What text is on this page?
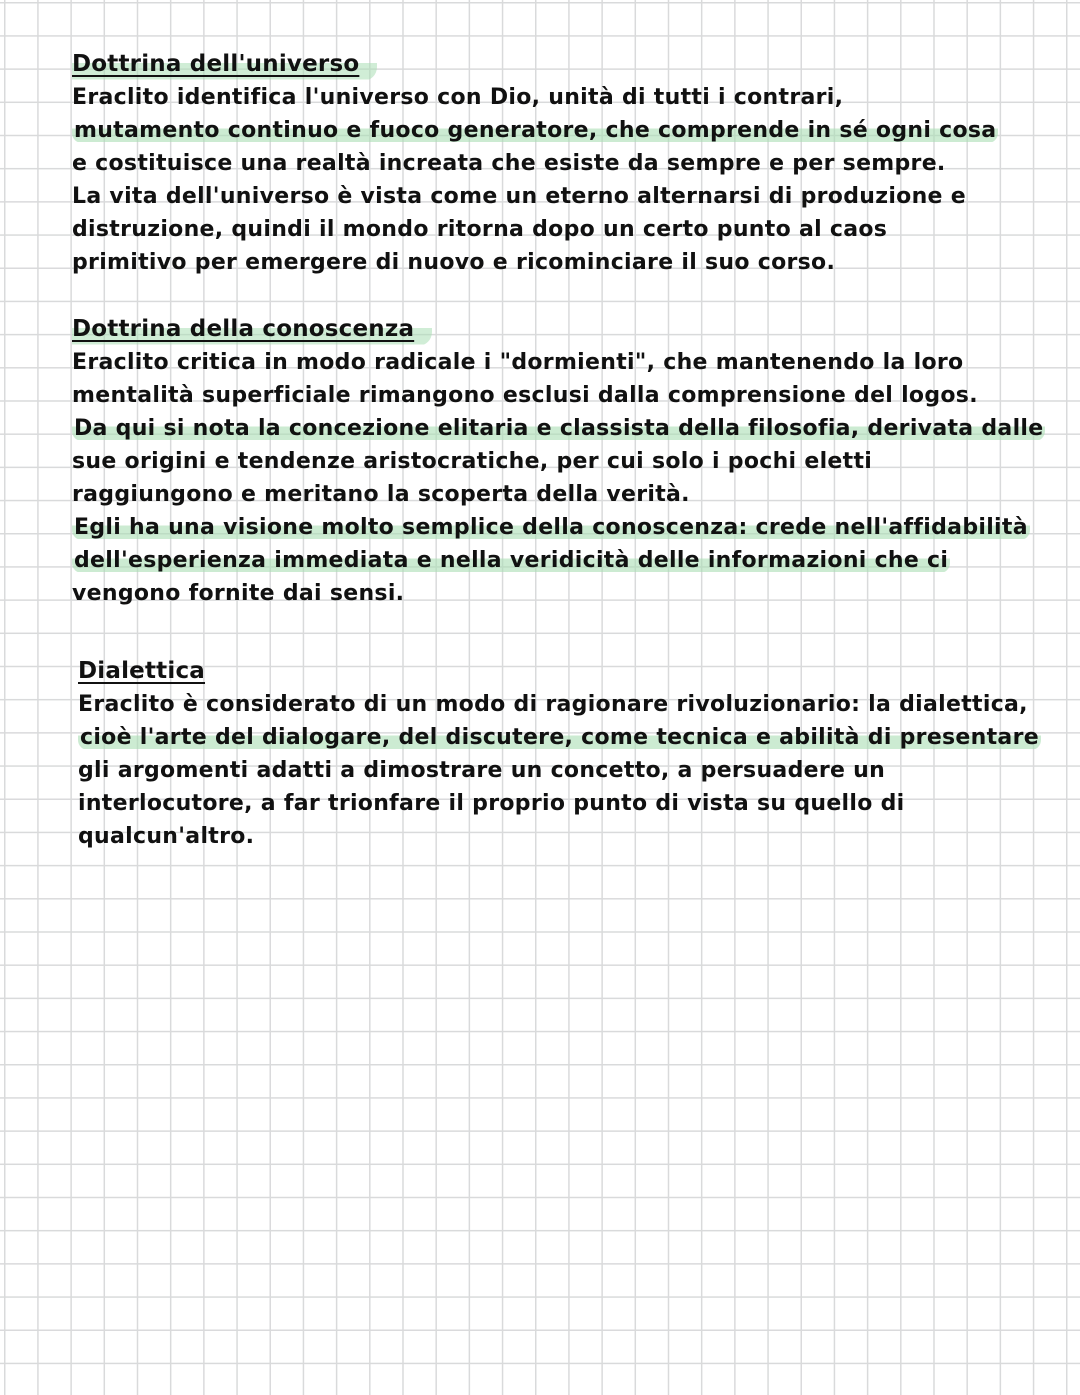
Dottrina dell'universo
Eraclito identifica l'universo con Dio, unità di tutti i contrari,
mutamento continuo e fuoco generatore, che comprende in sé ogni cosa
e costituisce una realtà increata che esiste da sempre e per sempre.
La vita dell'universo è vista come un eterno alternarsi di produzione e
distruzione, quindi il mondo ritorna dopo un certo punto al caos
primitivo per emergere di nuovo e ricominciare il suo corso.
Dottrina della conoscenza
Eraclito critica in modo radicale i "dormienti", che mantenendo la loro
mentalità superficiale rimangono esclusi dalla comprensione del logos.
Da qui si nota la concezione elitaria e classista della filosofia, derivata dalle
sue origini e tendenze aristocratiche, per cui solo i pochi eletti
raggiungono e meritano la scoperta della verità.
Egli ha una visione molto semplice della conoscenza: crede nell'affidabilità
dell'esperienza immediata e nella veridicità delle informazioni che ci
vengono fornite dai sensi.
Dialettica
Eraclito è considerato di un modo di ragionare rivoluzionario: la dialettica,
cioè l'arte del dialogare, del discutere, come tecnica e abilità di presentare
gli argomenti adatti a dimostrare un concetto, a persuadere un
interlocutore, a far trionfare il proprio punto di vista su quello di
qualcun'altro.
